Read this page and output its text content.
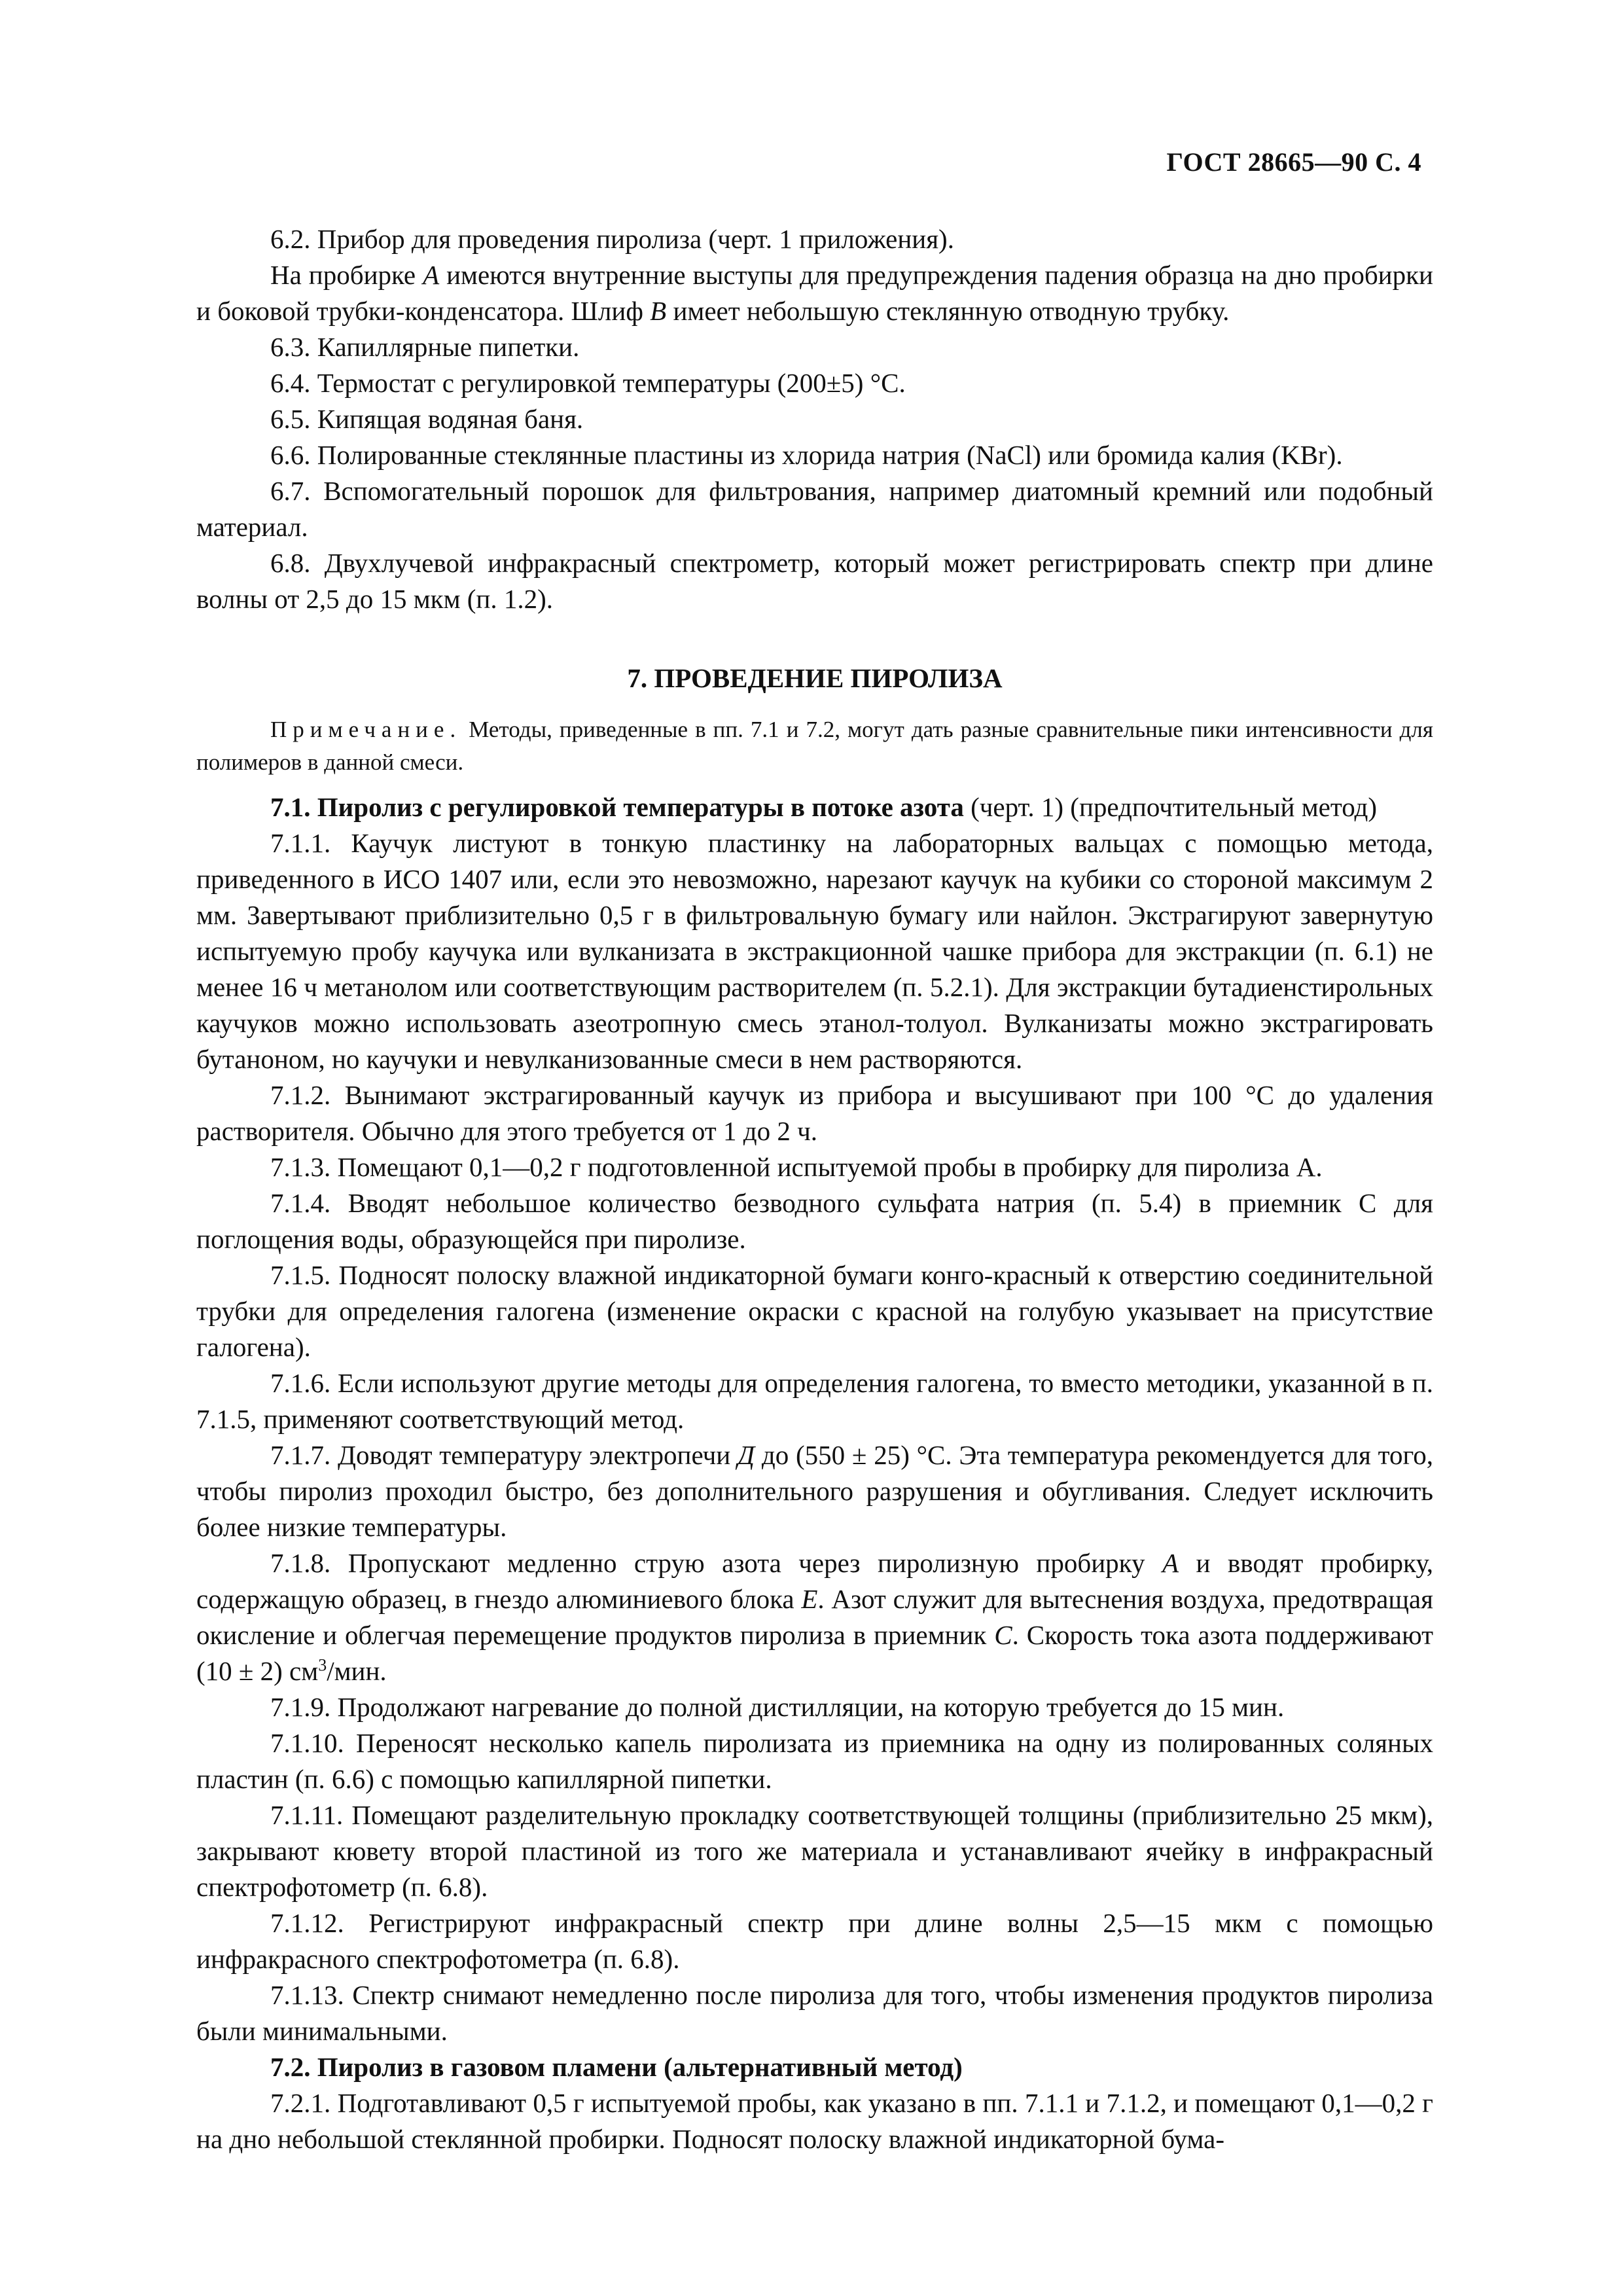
ГОСТ 28665—90 С. 4

6.2. Прибор для проведения пиролиза (черт. 1 приложения).

На пробирке А имеются внутренние выступы для предупреждения падения образца на дно пробирки и боковой трубки-конденсатора. Шлиф В имеет небольшую стеклянную отводную трубку.

6.3. Капиллярные пипетки.

6.4. Термостат с регулировкой температуры (200±5) °С.

6.5. Кипящая водяная баня.

6.6. Полированные стеклянные пластины из хлорида натрия (NaCl) или бромида калия (KBr).

6.7. Вспомогательный порошок для фильтрования, например диатомный кремний или подобный материал.

6.8. Двухлучевой инфракрасный спектрометр, который может регистрировать спектр при длине волны от 2,5 до 15 мкм (п. 1.2).

7. ПРОВЕДЕНИЕ ПИРОЛИЗА
Примечание. Методы, приведенные в пп. 7.1 и 7.2, могут дать разные сравнительные пики интенсивности для полимеров в данной смеси.

7.1. Пиролиз с регулировкой температуры в потоке азота (черт. 1) (предпочтительный метод)

7.1.1. Каучук листуют в тонкую пластинку на лабораторных вальцах с помощью метода, приведенного в ИСО 1407 или, если это невозможно, нарезают каучук на кубики со стороной максимум 2 мм. Завертывают приблизительно 0,5 г в фильтровальную бумагу или найлон. Экстрагируют завернутую испытуемую пробу каучука или вулканизата в экстракционной чашке прибора для экстракции (п. 6.1) не менее 16 ч метанолом или соответствующим растворителем (п. 5.2.1). Для экстракции бутадиенстирольных каучуков можно использовать азеотропную смесь этанол-толуол. Вулканизаты можно экстрагировать бутаноном, но каучуки и невулканизованные смеси в нем растворяются.

7.1.2. Вынимают экстрагированный каучук из прибора и высушивают при 100 °С до удаления растворителя. Обычно для этого требуется от 1 до 2 ч.

7.1.3. Помещают 0,1—0,2 г подготовленной испытуемой пробы в пробирку для пиролиза А.

7.1.4. Вводят небольшое количество безводного сульфата натрия (п. 5.4) в приемник С для поглощения воды, образующейся при пиролизе.

7.1.5. Подносят полоску влажной индикаторной бумаги конго-красный к отверстию соединительной трубки для определения галогена (изменение окраски с красной на голубую указывает на присутствие галогена).

7.1.6. Если используют другие методы для определения галогена, то вместо методики, указанной в п. 7.1.5, применяют соответствующий метод.

7.1.7. Доводят температуру электропечи Д до (550 ± 25) °С. Эта температура рекомендуется для того, чтобы пиролиз проходил быстро, без дополнительного разрушения и обугливания. Следует исключить более низкие температуры.

7.1.8. Пропускают медленно струю азота через пиролизную пробирку А и вводят пробирку, содержащую образец, в гнездо алюминиевого блока Е. Азот служит для вытеснения воздуха, предотвращая окисление и облегчая перемещение продуктов пиролиза в приемник С. Скорость тока азота поддерживают (10 ± 2) $см^3$/мин.

7.1.9. Продолжают нагревание до полной дистилляции, на которую требуется до 15 мин.

7.1.10. Переносят несколько капель пиролизата из приемника на одну из полированных соляных пластин (п. 6.6) с помощью капиллярной пипетки.

7.1.11. Помещают разделительную прокладку соответствующей толщины (приблизительно 25 мкм), закрывают кювету второй пластиной из того же материала и устанавливают ячейку в инфракрасный спектрофотометр (п. 6.8).

7.1.12. Регистрируют инфракрасный спектр при длине волны 2,5—15 мкм с помощью инфракрасного спектрофотометра (п. 6.8).

7.1.13. Спектр снимают немедленно после пиролиза для того, чтобы изменения продуктов пиролиза были минимальными.

7.2. Пиролиз в газовом пламени (альтернативный метод)

7.2.1. Подготавливают 0,5 г испытуемой пробы, как указано в пп. 7.1.1 и 7.1.2, и помещают 0,1—0,2 г на дно небольшой стеклянной пробирки. Подносят полоску влажной индикаторной бума-
